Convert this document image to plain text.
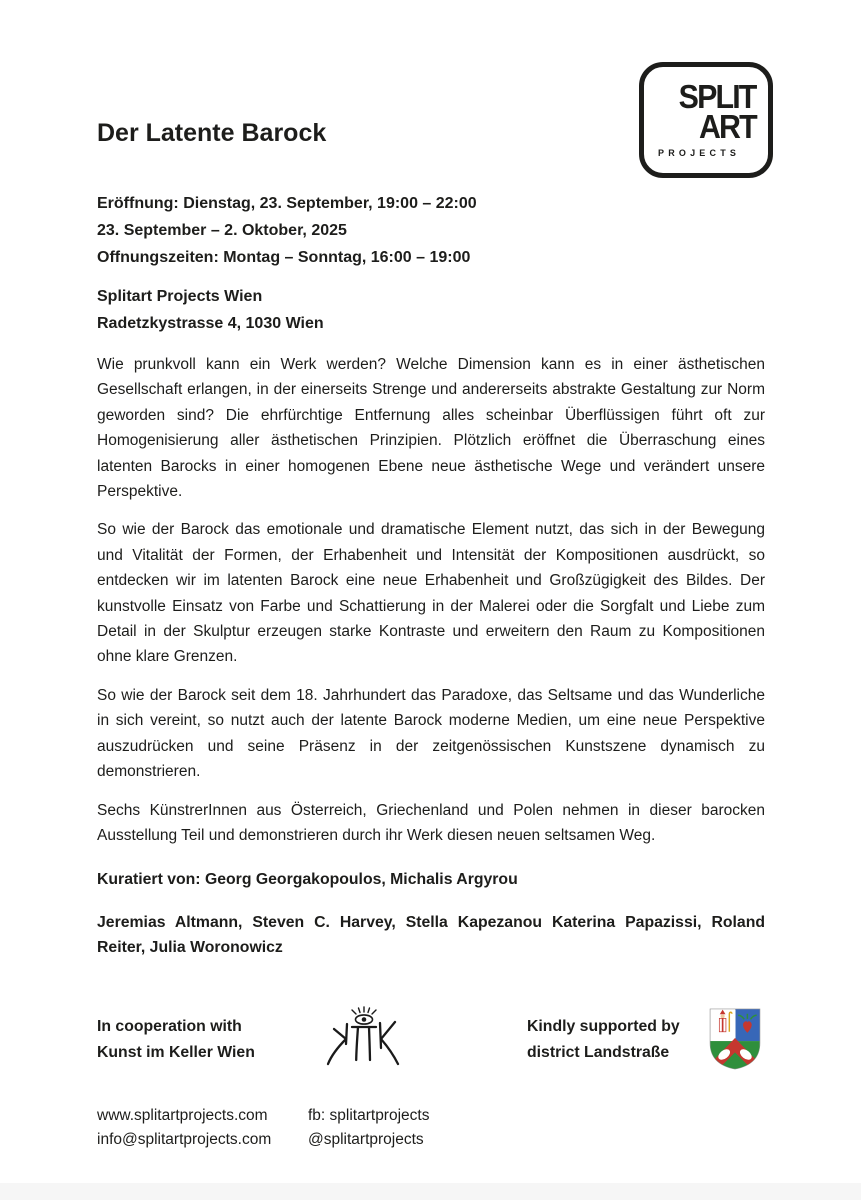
SPLIT
ART
PROJECTS
Der Latente Barock
Eröffnung: Dienstag, 23. September, 19:00 – 22:00
23. September – 2. Oktober, 2025
Offnungszeiten: Montag – Sonntag, 16:00 – 19:00
Splitart Projects Wien
Radetzkystrasse 4, 1030 Wien

Wie prunkvoll kann ein Werk werden? Welche Dimension kann es in einer ästhetischen Gesellschaft erlangen, in der einerseits Strenge und andererseits abstrakte Gestaltung zur Norm geworden sind? Die ehrfürchtige Entfernung alles scheinbar Überflüssigen führt oft zur Homogenisierung aller ästhetischen Prinzipien. Plötzlich eröffnet die Überraschung eines latenten Barocks in einer homogenen Ebene neue ästhetische Wege und verändert unsere Perspektive.

So wie der Barock das emotionale und dramatische Element nutzt, das sich in der Bewegung und Vitalität der Formen, der Erhabenheit und Intensität der Kompositionen ausdrückt, so entdecken wir im latenten Barock eine neue Erhabenheit und Großzügigkeit des Bildes. Der kunstvolle Einsatz von Farbe und Schattierung in der Malerei oder die Sorgfalt und Liebe zum Detail in der Skulptur erzeugen starke Kontraste und erweitern den Raum zu Kompositionen ohne klare Grenzen.

So wie der Barock seit dem 18. Jahrhundert das Paradoxe, das Seltsame und das Wunderliche in sich vereint, so nutzt auch der latente Barock moderne Medien, um eine neue Perspektive auszudrücken und seine Präsenz in der zeitgenössischen Kunstszene dynamisch zu demonstrieren.

Sechs KünstrerInnen aus Österreich, Griechenland und Polen nehmen in dieser barocken Ausstellung Teil und demonstrieren durch ihr Werk diesen neuen seltsamen Weg.

Kuratiert von: Georg Georgakopoulos, Michalis Argyrou

Jeremias Altmann, Steven C. Harvey, Stella Kapezanou Katerina Papazissi, Roland Reiter, Julia Woronowicz

In cooperation with
Kunst im Keller Wien
Kindly supported by
district Landstraße
www.splitartprojects.com
info@splitartprojects.com
fb: splitartprojects
@splitartprojects
